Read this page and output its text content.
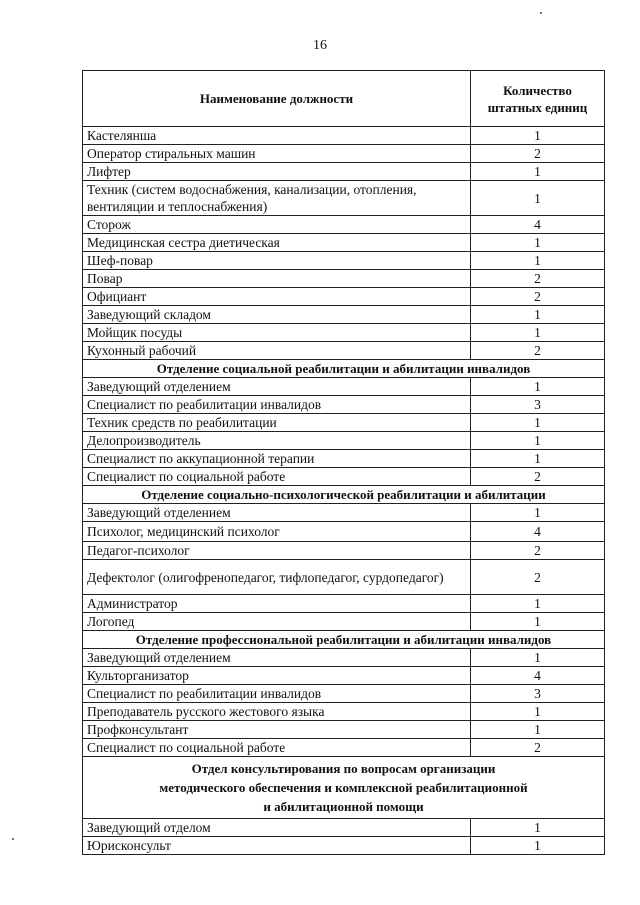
16
Наименование должности	Количество
штатных единиц
Кастелянша	1
Оператор стиральных машин	2
Лифтер	1
Техник (систем водоснабжения, канализации, отопления, вентиляции и теплоснабжения)	1
Сторож	4
Медицинская сестра диетическая	1
Шеф-повар	1
Повар	2
Официант	2
Заведующий складом	1
Мойщик посуды	1
Кухонный рабочий	2
Отделение социальной реабилитации и абилитации инвалидов	
Заведующий отделением	1
Специалист по реабилитации инвалидов	3
Техник средств по реабилитации	1
Делопроизводитель	1
Специалист по аккупационной терапии	1
Специалист по социальной работе	2
Отделение социально-психологической реабилитации и абилитации	
Заведующий отделением	1
Психолог, медицинский психолог	4
Педагог-психолог	2
Дефектолог (олигофренопедагог, тифлопедагог, сурдопедагог)	2
Администратор	1
Логопед	1
Отделение профессиональной реабилитации и абилитации инвалидов	
Заведующий отделением	1
Культорганизатор	4
Специалист по реабилитации инвалидов	3
Преподаватель русского жестового языка	1
Профконсультант	1
Специалист по социальной работе	2
Отдел консультирования по вопросам организации
методического обеспечения и комплексной реабилитационной
и абилитационной помощи	
Заведующий отделом	1
Юрисконсульт	1
